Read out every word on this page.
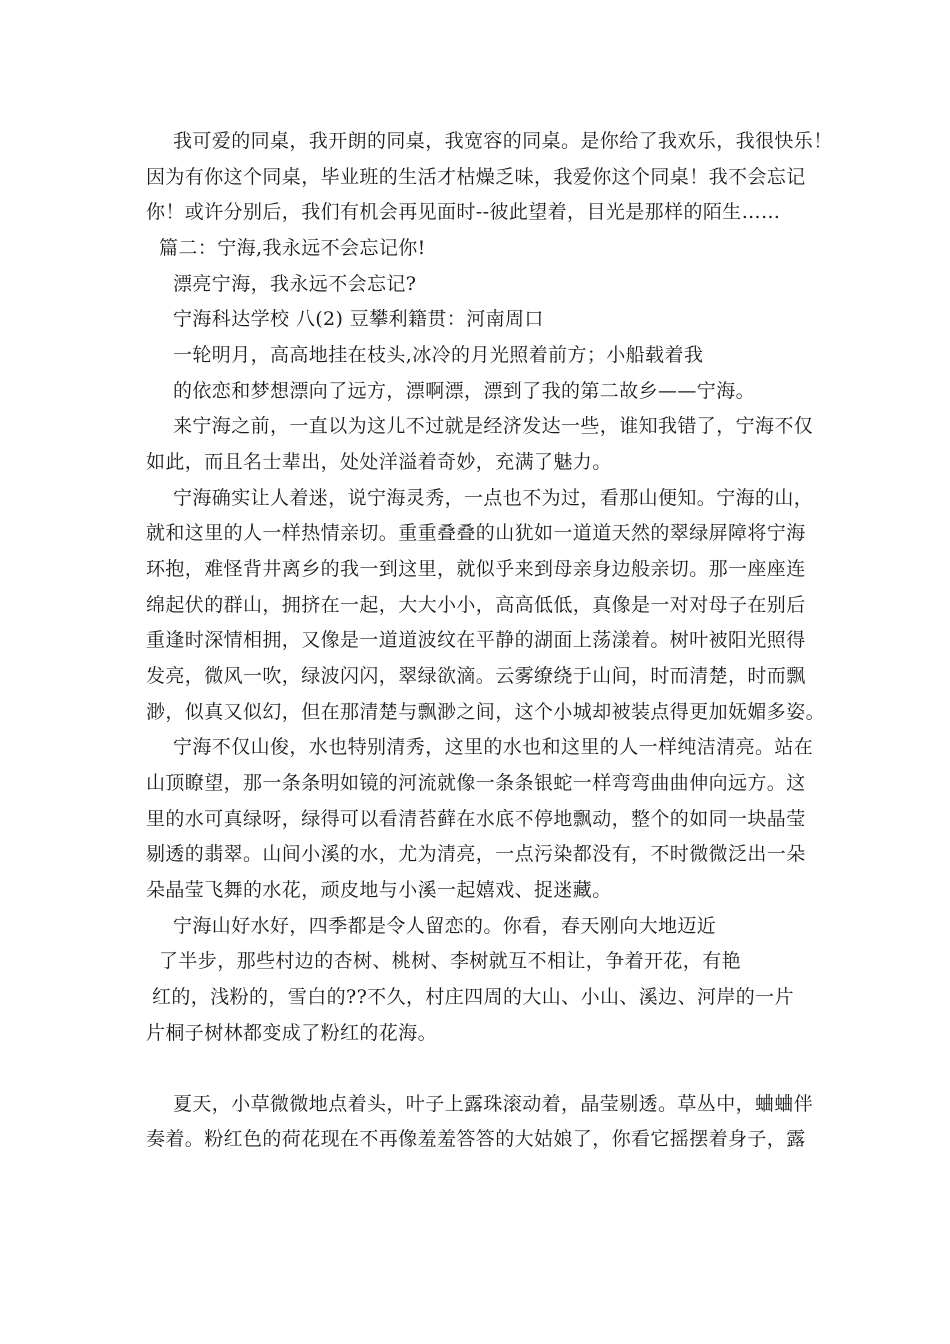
我可爱的同桌，我开朗的同桌，我宽容的同桌。是你给了我欢乐，我很快乐！
因为有你这个同桌，毕业班的生活才枯燥乏味，我爱你这个同桌！我不会忘记
你！或许分别后，我们有机会再见面时--彼此望着，目光是那样的陌生……
篇二：宁海,我永远不会忘记你!
漂亮宁海，我永远不会忘记?
宁海科达学校 八(2) 豆攀利籍贯：河南周口
一轮明月，高高地挂在枝头,冰冷的月光照着前方；小船载着我
的依恋和梦想漂向了远方，漂啊漂，漂到了我的第二故乡——宁海。
来宁海之前，一直以为这儿不过就是经济发达一些，谁知我错了，宁海不仅
如此，而且名士辈出，处处洋溢着奇妙，充满了魅力。
宁海确实让人着迷，说宁海灵秀，一点也不为过，看那山便知。宁海的山，
就和这里的人一样热情亲切。重重叠叠的山犹如一道道天然的翠绿屏障将宁海
环抱，难怪背井离乡的我一到这里，就似乎来到母亲身边般亲切。那一座座连
绵起伏的群山，拥挤在一起，大大小小，高高低低，真像是一对对母子在别后
重逢时深情相拥，又像是一道道波纹在平静的湖面上荡漾着。树叶被阳光照得
发亮，微风一吹，绿波闪闪，翠绿欲滴。云雾缭绕于山间，时而清楚，时而飘
渺，似真又似幻，但在那清楚与飘渺之间，这个小城却被装点得更加妩媚多姿。
宁海不仅山俊，水也特别清秀，这里的水也和这里的人一样纯洁清亮。站在
山顶瞭望，那一条条明如镜的河流就像一条条银蛇一样弯弯曲曲伸向远方。这
里的水可真绿呀，绿得可以看清苔藓在水底不停地飘动，整个的如同一块晶莹
剔透的翡翠。山间小溪的水，尤为清亮，一点污染都没有，不时微微泛出一朵
朵晶莹飞舞的水花，顽皮地与小溪一起嬉戏、捉迷藏。
宁海山好水好，四季都是令人留恋的。你看，春天刚向大地迈近
了半步，那些村边的杏树、桃树、李树就互不相让，争着开花，有艳
红的，浅粉的，雪白的??不久，村庄四周的大山、小山、溪边、河岸的一片
片桐子树林都变成了粉红的花海。
夏天，小草微微地点着头，叶子上露珠滚动着，晶莹剔透。草丛中，蛐蛐伴
奏着。粉红色的荷花现在不再像羞羞答答的大姑娘了，你看它摇摆着身子，露
